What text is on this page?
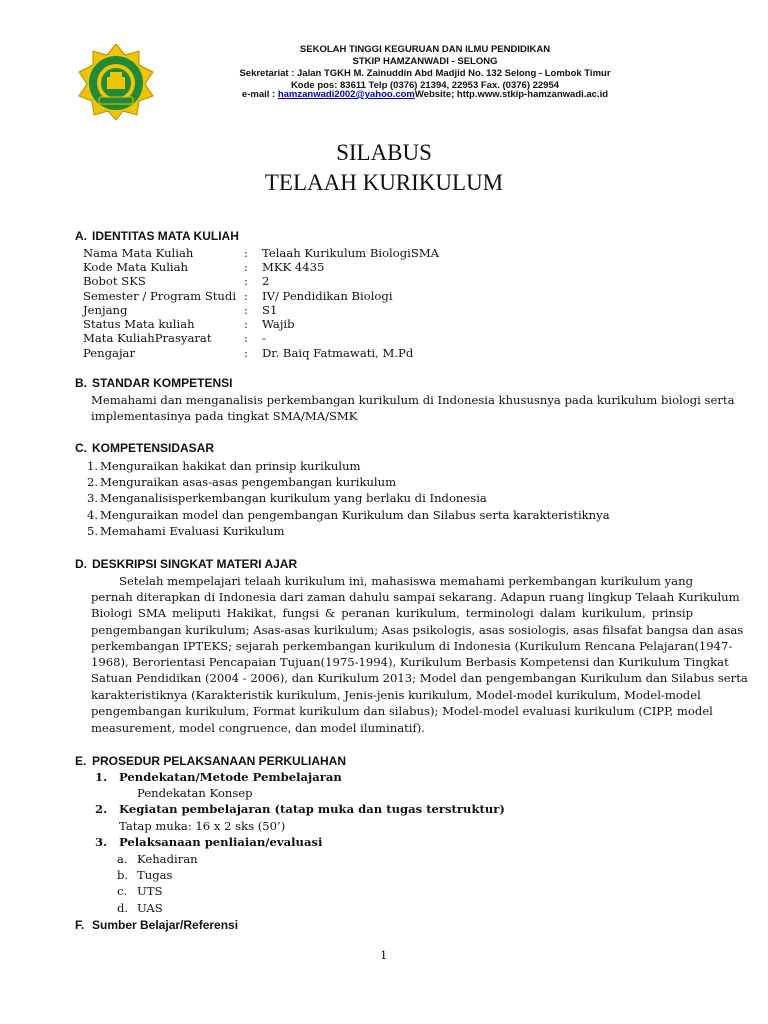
SEKOLAH TINGGI KEGURUAN DAN ILMU PENDIDIKAN
STKIP HAMZANWADI - SELONG
Sekretariat : Jalan TGKH M. Zainuddin Abd Madjid No. 132 Selong - Lombok Timur
Kode pos: 83611 Telp (0376) 21394, 22953 Fax. (0376) 22954
e-mail : hamzanwadi2002@yahoo.comWebsite; http.www.stkip-hamzanwadi.ac.id
SILABUS
TELAAH KURIKULUM
A. IDENTITAS MATA KULIAH
Nama Mata Kuliah	: Telaah Kurikulum BiologiSMA
Kode Mata Kuliah	: MKK 4435
Bobot SKS	: 2
Semester / Program Studi : IV/ Pendidikan Biologi
Jenjang	: S1
Status Mata kuliah	: Wajib
Mata KuliahPrasyarat	: -
Pengajar	: Dr. Baiq Fatmawati, M.Pd
B. STANDAR KOMPETENSI
Memahami dan menganalisis perkembangan kurikulum di Indonesia khususnya pada kurikulum biologi serta
implementasinya pada tingkat SMA/MA/SMK
C. KOMPETENSIDASAR
1. Menguraikan hakikat dan prinsip kurikulum
2. Menguraikan asas-asas pengembangan kurikulum
3. Menganalisisperkembangan kurikulum yang berlaku di Indonesia
4. Menguraikan model dan pengembangan Kurikulum dan Silabus serta karakteristiknya
5. Memahami Evaluasi Kurikulum
D. DESKRIPSI SINGKAT MATERI AJAR
Setelah mempelajari telaah kurikulum ini, mahasiswa memahami perkembangan kurikulum yang
pernah diterapkan di Indonesia dari zaman dahulu sampai sekarang. Adapun ruang lingkup Telaah Kurikulum
Biologi SMA meliputi Hakikat, fungsi & peranan kurikulum, terminologi dalam kurikulum, prinsip
pengembangan kurikulum; Asas-asas kurikulum; Asas psikologis, asas sosiologis, asas filsafat bangsa dan asas
perkembangan IPTEKS; sejarah perkembangan kurikulum di Indonesia (Kurikulum Rencana Pelajaran(1947-
1968), Berorientasi Pencapaian Tujuan(1975-1994), Kurikulum Berbasis Kompetensi dan Kurikulum Tingkat
Satuan Pendidikan (2004 - 2006), dan Kurikulum 2013; Model dan pengembangan Kurikulum dan Silabus serta
karakteristiknya (Karakteristik kurikulum, Jenis-jenis kurikulum, Model-model kurikulum, Model-model
pengembangan kurikulum, Format kurikulum dan silabus); Model-model evaluasi kurikulum (CIPP, model
measurement, model congruence, dan model iluminatif).
E. PROSEDUR PELAKSANAAN PERKULIAHAN
1. Pendekatan/Metode Pembelajaran
Pendekatan Konsep
2. Kegiatan pembelajaran (tatap muka dan tugas terstruktur)
Tatap muka: 16 x 2 sks (50’)
3. Pelaksanaan penliaian/evaluasi
a. Kehadiran
b. Tugas
c. UTS
d. UAS
F. Sumber Belajar/Referensi
1
